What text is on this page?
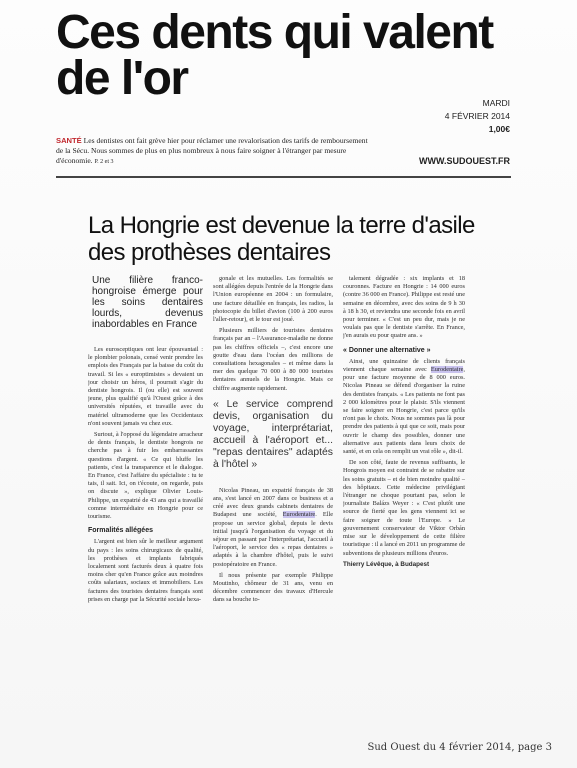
Ces dents qui valent de l'or	MARDI
4 FÉVRIER 2014
1,00€
SANTÉ Les dentistes ont fait grève hier pour réclamer une revalorisation des tarifs de remboursement de la Sécu. Nous sommes de plus en plus nombreux à nous faire soigner à l'étranger par mesure d'économie. P. 2 et 3	WWW.SUDOUEST.FR
La Hongrie est devenue la terre d'asile des prothèses dentaires
Une filière franco-hongroise émerge pour les soins dentaires lourds, devenus inabordables en France

Les eurosceptiques ont leur épouvantail : le plombier polonais, censé venir prendre les emplois des Français par la baisse du coût du travail. Si les « europtimistes » devaient un jour choisir un héros, il pourrait s'agir du dentiste hongrois. Il (ou elle) est souvent jeune, plus qualifié qu'à l'Ouest grâce à des universités réputées, et travaille avec du matériel ultramoderne que les Occidentaux n'ont souvent jamais vu chez eux.

Surtout, à l'opposé du légendaire arracheur de dents français, le dentiste hongrois ne cherche pas à fuir les embarrassantes questions d'argent. « Ce qui bluffe les patients, c'est la transparence et le dialogue. En France, c'est l'affaire du spécialiste : tu te tais, il sait. Ici, on t'écoute, on regarde, puis on discute », explique Olivier Louis-Philippe, un expatrié de 43 ans qui a travaillé comme intermédiaire en Hongrie pour ce tourisme.

Formalités allégées

L'argent est bien sûr le meilleur argument du pays : les soins chirurgicaux de qualité, les prothèses et implants fabriqués localement sont facturés deux à quatre fois moins cher qu'en France grâce aux moindres coûts salariaux, sociaux et immobiliers. Les factures des touristes dentaires français sont prises en charge par la Sécurité sociale hexa-

gonale et les mutuelles. Les formalités se sont allégées depuis l'entrée de la Hongrie dans l'Union européenne en 2004 : un formulaire, une facture détaillée en français, les radios, la photocopie du billet d'avion (100 à 200 euros l'aller-retour), et le tour est joué.

Plusieurs milliers de touristes dentaires français par an – l'Assurance-maladie ne donne pas les chiffres officiels –, c'est encore une goutte d'eau dans l'océan des millions de consultations hexagonales – et même dans la mer des quelque 70 000 à 80 000 touristes dentaires annuels de la Hongrie. Mais ce chiffre augmente rapidement.

« Le service comprend devis, organisation du voyage, interprétariat, accueil à l'aéroport et... "repas dentaires" adaptés à l'hôtel »

Nicolas Pineau, un expatrié français de 38 ans, s'est lancé en 2007 dans ce business et a créé avec deux grands cabinets dentaires de Budapest une société, Eurodentaire. Elle propose un service global, depuis le devis initial jusqu'à l'organisation du voyage et du séjour en passant par l'interprétariat, l'accueil à l'aéroport, le service des « repas dentaires » adaptés à la chambre d'hôtel, puis le suivi postopératoire en France.

Il nous présente par exemple Philippe Moutinho, chômeur de 31 ans, venu en décembre commencer des travaux d'Hercule dans sa bouche to-

talement dégradée : six implants et 18 couronnes. Facture en Hongrie : 14 000 euros (contre 36 000 en France). Philippe est resté une semaine en décembre, avec des soins de 9 h 30 à 18 h 30, et reviendra une seconde fois en avril pour terminer. « C'est un peu dur, mais je ne voulais pas que le dentiste s'arrête. En France, j'en aurais eu pour quatre ans. »

« Donner une alternative »

Ainsi, une quinzaine de clients français viennent chaque semaine avec Eurodentaire, pour une facture moyenne de 8 000 euros. Nicolas Pineau se défend d'organiser la ruine des dentistes français. « Les patients ne font pas 2 000 kilomètres pour le plaisir. S'ils viennent se faire soigner en Hongrie, c'est parce qu'ils n'ont pas le choix. Nous ne sommes pas là pour prendre des patients à qui que ce soit, mais pour ouvrir le champ des possibles, donner une alternative aux patients dans leurs choix de santé, et en cela on remplit un vrai rôle », dit-il.

De son côté, faute de revenus suffisants, le Hongrois moyen est contraint de se rabattre sur les soins gratuits – et de bien moindre qualité – des hôpitaux. Cette médecine privilégiant l'étranger ne choque pourtant pas, selon le journaliste Balázs Weyer : « C'est plutôt une source de fierté que les gens viennent ici se faire soigner de toute l'Europe. » Le gouvernement conservateur de Viktor Orbán mise sur le développement de cette filière touristique : il a lancé en 2011 un programme de subventions de plusieurs millions d'euros.

Thierry Lévêque, à Budapest
Sud Ouest du 4 février 2014, page 3
